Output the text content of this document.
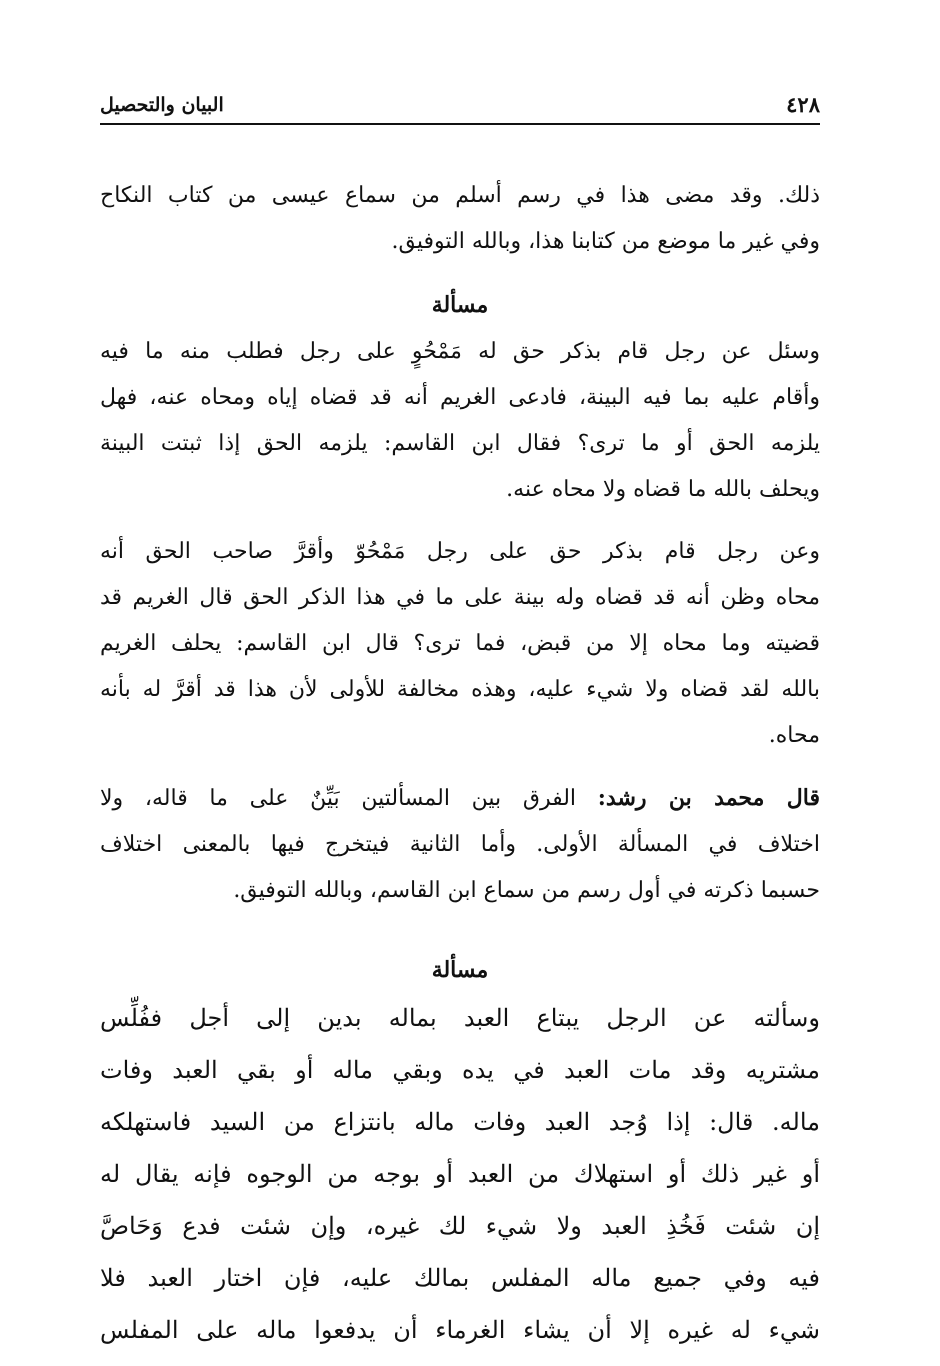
٤٢٨
البيان والتحصيل
ذلك. وقد مضى هذا في رسم أسلم من سماع عيسى من كتاب النكاح
وفي غير ما موضع من كتابنا هذا، وبالله التوفيق.
مسألة
وسئل عن رجل قام بذكر حق له مَمْحُوٍ على رجل فطلب منه ما فيه
وأقام عليه بما فيه البينة، فادعى الغريم أنه قد قضاه إياه ومحاه عنه، فهل
يلزمه الحق أو ما ترى؟ فقال ابن القاسم: يلزمه الحق إذا ثبتت البينة
ويحلف بالله ما قضاه ولا محاه عنه.
وعن رجل قام بذكر حق على رجل مَمْحُوّ وأقرَّ صاحب الحق أنه
محاه وظن أنه قد قضاه وله بينة على ما في هذا الذكر الحق قال الغريم قد
قضيته وما محاه إلا من قبض، فما ترى؟ قال ابن القاسم: يحلف الغريم
بالله لقد قضاه ولا شيء عليه، وهذه مخالفة للأولى لأن هذا قد أقرَّ له بأنه
محاه.
قال محمد بن رشد: الفرق بين المسألتين بَيِّنٌ على ما قاله، ولا
اختلاف في المسألة الأولى. وأما الثانية فيتخرج فيها بالمعنى اختلاف
حسبما ذكرته في أول رسم من سماع ابن القاسم، وبالله التوفيق.
مسألة
وسألته عن الرجل يبتاع العبد بماله بدين إلى أجل ففُلِّس
مشتريه وقد مات العبد في يده وبقي ماله أو بقي العبد وفات
ماله. قال: إذا وُجد العبد وفات ماله بانتزاع من السيد فاستهلكه
أو غير ذلك أو استهلاك من العبد أو بوجه من الوجوه فإنه يقال له
إن شئت فَخُذِ العبد ولا شيء لك غيره، وإن شئت فدع وَحَاصَّ
فيه وفي جميع ماله المفلس بمالك عليه، فإن اختار العبد فلا
شيء له غيره إلا أن يشاء الغرماء أن يدفعوا ماله على المفلس
